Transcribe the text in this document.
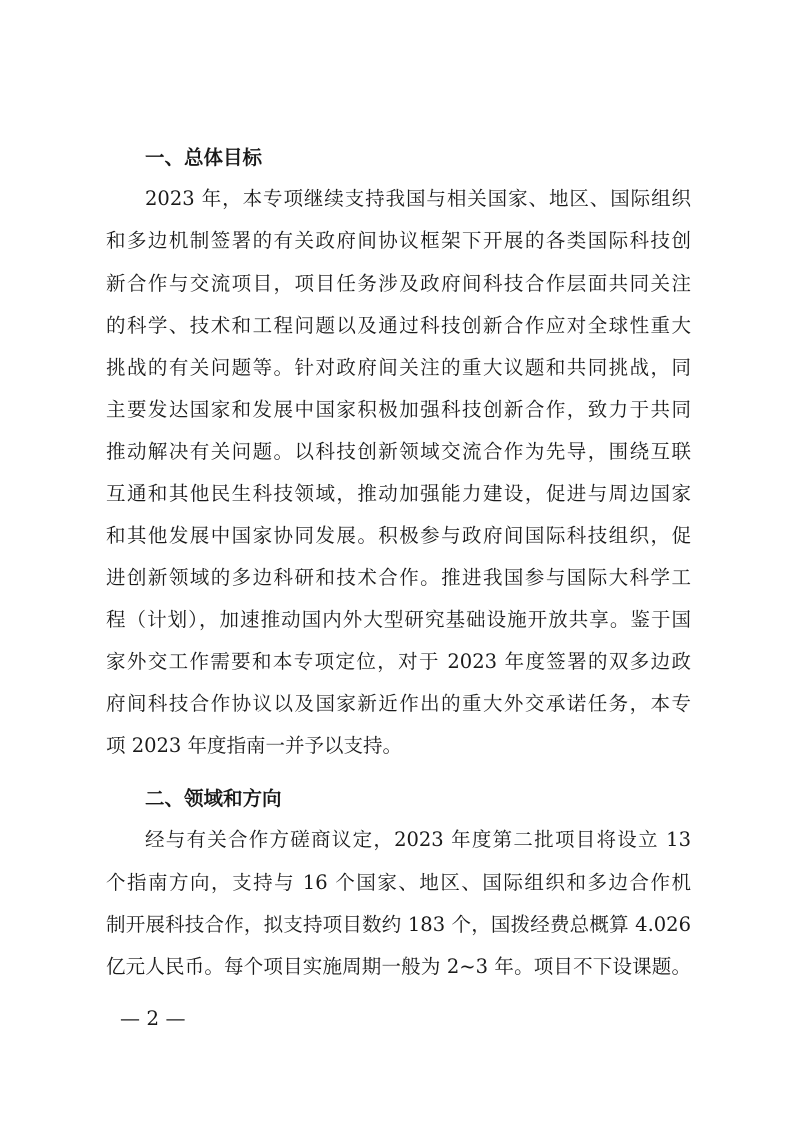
一、总体目标
2023 年，本专项继续支持我国与相关国家、地区、国际组织
和多边机制签署的有关政府间协议框架下开展的各类国际科技创
新合作与交流项目，项目任务涉及政府间科技合作层面共同关注
的科学、技术和工程问题以及通过科技创新合作应对全球性重大
挑战的有关问题等。针对政府间关注的重大议题和共同挑战，同
主要发达国家和发展中国家积极加强科技创新合作，致力于共同
推动解决有关问题。以科技创新领域交流合作为先导，围绕互联
互通和其他民生科技领域，推动加强能力建设，促进与周边国家
和其他发展中国家协同发展。积极参与政府间国际科技组织，促
进创新领域的多边科研和技术合作。推进我国参与国际大科学工
程（计划），加速推动国内外大型研究基础设施开放共享。鉴于国
家外交工作需要和本专项定位，对于 2023 年度签署的双多边政
府间科技合作协议以及国家新近作出的重大外交承诺任务，本专
项 2023 年度指南一并予以支持。
二、领域和方向
经与有关合作方磋商议定，2023 年度第二批项目将设立 13
个指南方向，支持与 16 个国家、地区、国际组织和多边合作机
制开展科技合作，拟支持项目数约 183 个，国拨经费总概算 4.026
亿元人民币。每个项目实施周期一般为 2~3 年。项目不下设课题。
— 2 —
